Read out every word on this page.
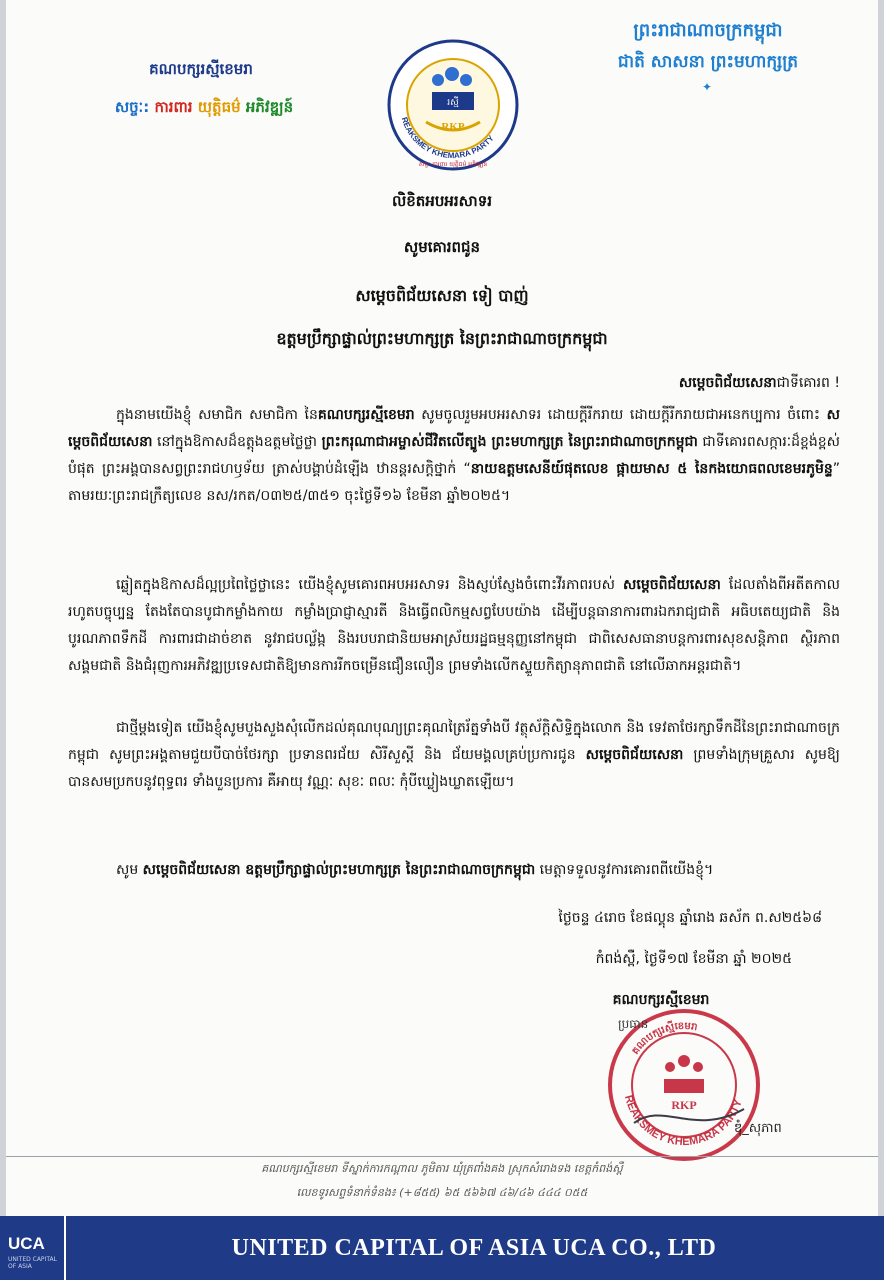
គណបក្សរស្មីខេមរា
សច្ចៈ: ការពារ យុត្តិធម៌ អភិវឌ្ឍន៍	រស្មី
RKP
REAKSMEY KHEMARA PARTY
សច្ចៈ ការពារ យុត្តិធម៌ អភិវឌ្ឍន៍
ព្រះរាជាណាចក្រកម្ពុជា
ជាតិ សាសនា ព្រះមហាក្សត្រ
✦
លិខិតអបអរសាទរ
សូមគោរពជូន
សម្តេចពិជ័យសេនា ទៀ បាញ់
ឧត្តមប្រឹក្សាផ្ទាល់ព្រះមហាក្សត្រ នៃព្រះរាជាណាចក្រកម្ពុជា
សម្តេចពិជ័យសេនាជាទីគោរព !

ក្នុងនាមយើងខ្ញុំ សមាជិក សមាជិកា នៃគណបក្សរស្មីខេមរា សូមចូលរួមអបអរសាទរ ដោយក្តីរីករាយ ដោយក្តីរីករាយជាអនេកប្បការ ចំពោះ សម្តេចពិជ័យសេនា នៅក្នុងឱកាសដ៏ឧត្តុងឧត្តមថ្លៃថ្លា ព្រះករុណាជាអម្ចាស់ជីវិតលើត្បូង ព្រះមហាក្សត្រ នៃព្រះរាជាណាចក្រកម្ពុជា ជាទីគោរពសក្ការៈដ៏ខ្ពង់ខ្ពស់បំផុត ព្រះអង្គបានសព្វព្រះរាជហឫទ័យ ត្រាស់បង្គាប់ដំឡើង ឋានន្តរសក្តិថ្នាក់ “នាយឧត្តមសេនីយ៍ផុតលេខ ផ្កាយមាស ៥ នៃកងយោធពលខេមរភូមិន្ទ” តាមរយៈព្រះរាជក្រឹត្យលេខ នស/រកត/០៣២៥/៣៥១ ចុះថ្ងៃទី១៦ ខែមីនា ឆ្នាំ២០២៥។

ឆ្លៀតក្នុងឱកាសដ៏ល្អប្រពៃថ្លៃថ្លានេះ យើងខ្ញុំសូមគោរពអបអរសាទរ និងស្ញប់ស្ញែងចំពោះវីរភាពរបស់ សម្តេចពិជ័យសេនា ដែលតាំងពីអតីតកាលរហូតបច្ចុប្បន្ន តែងតែបានបូជាកម្លាំងកាយ កម្លាំងប្រាជ្ញាស្មារតី និងធ្វើពលិកម្មសព្វបែបយ៉ាង ដើម្បីបន្តធានាការពារឯករាជ្យជាតិ អធិបតេយ្យជាតិ និងបូរណភាពទឹកដី ការពារជាដាច់ខាត នូវរាជបល្ល័ង្ក និងរបបរាជានិយមអាស្រ័យរដ្ឋធម្មនុញ្ញនៅកម្ពុជា ជាពិសេសធានាបន្តការពារសុខសន្តិភាព ស្ថិរភាព សង្គមជាតិ និងជំរុញការអភិវឌ្ឍប្រទេសជាតិឱ្យមានការរីកចម្រើនជឿនលឿន ព្រមទាំងលើកស្ទួយកិត្យានុភាពជាតិ នៅលើឆាកអន្តរជាតិ។

ជាថ្មីម្តងទៀត យើងខ្ញុំសូមបួងសួងសុំលើកដល់គុណបុណ្យព្រះគុណត្រៃរ័ត្នទាំងបី វត្ថុស័ក្តិសិទ្ធិក្នុងលោក និង ទេវតាថែរក្សាទឹកដីនៃព្រះរាជាណាចក្រកម្ពុជា សូមព្រះអង្គតាមជួយបីបាច់ថែរក្សា ប្រទានពរជ័យ សិរីសួស្តី និង ជ័យមង្គលគ្រប់ប្រការជូន សម្តេចពិជ័យសេនា ព្រមទាំងក្រុមគ្រួសារ សូមឱ្យបានសមប្រកបនូវពុទ្ធពរ ទាំងបួនប្រការ គឺអាយុ វណ្ណៈ សុខៈ ពលៈ កុំបីឃ្លៀងឃ្លាតឡើយ។

សូម សម្តេចពិជ័យសេនា ឧត្តមប្រឹក្សាផ្ទាល់ព្រះមហាក្សត្រ នៃព្រះរាជាណាចក្រកម្ពុជា មេត្តាទទួលនូវការគោរពពីយើងខ្ញុំ។

ថ្ងៃចន្ទ ៤រោច ខែផល្គុន ឆ្នាំរោង ឆស័ក ព.ស២៥៦៨
កំពង់ស្ពឺ, ថ្ងៃទី១៧ ខែមីនា ឆ្នាំ ២០២៥
REAKSMEY KHEMARA PARTY
គណបក្សរស្មីខេមរា
RKP
គណបក្សរស្មីខេមរា
ប្រធាន
ឌុំ_សុភាព
គណបក្សរស្មីខេមរា ទីស្នាក់ការកណ្តាល ភូមិតារ ឃុំត្រពាំងគង ស្រុកសំរោងទង ខេត្តកំពង់ស្ពឺ
លេខទូរសព្ទទំនាក់ទំនង៖ (+៨៥៥) ៦៥ ៥៦៦៧ ៤៦/៤៦ ៤៤៤ ០៥៥
UCA
UNITED CAPITAL OF ASIA
UNITED CAPITAL OF ASIA UCA CO., LTD
